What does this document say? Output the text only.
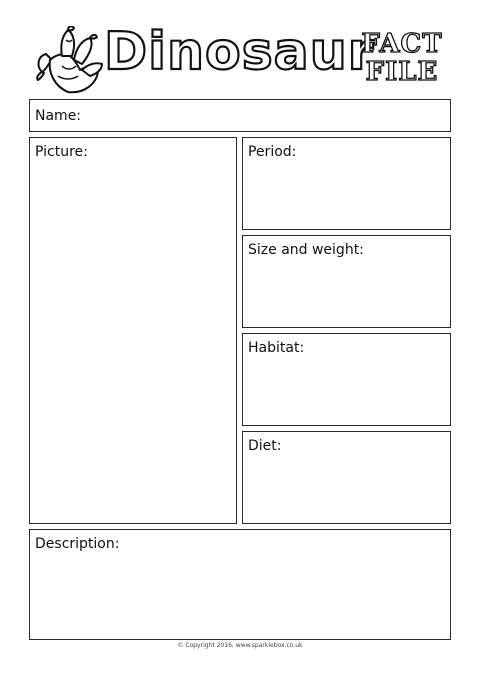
Dinosaur
FACT
FILE
Name:
Picture:	Period:
Size and weight:
Habitat:
Diet:
Description:
© Copyright 2016, www.sparklebox.co.uk
